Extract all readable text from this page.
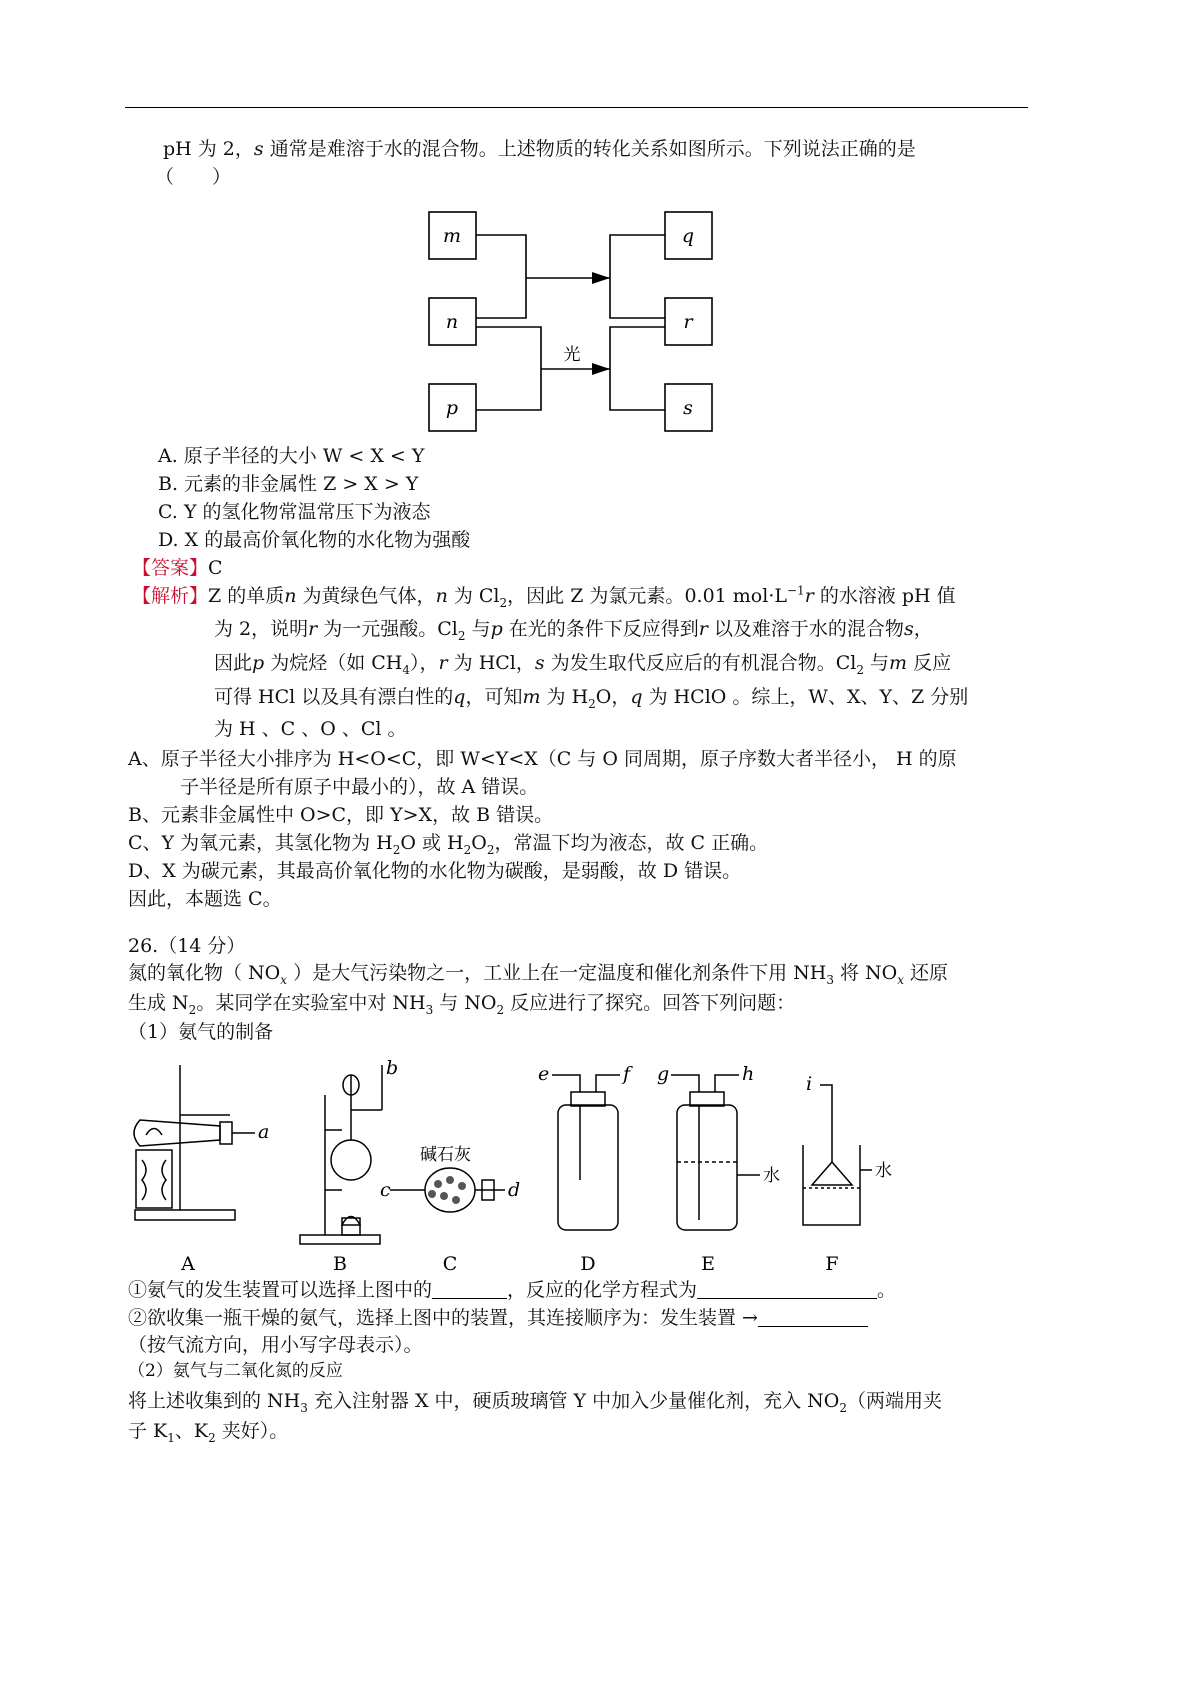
pH 为 2，s 通常是难溶于水的混合物。上述物质的转化关系如图所示。下列说法正确的是
（　　）
m
n
p
q
r
s
光
A. 原子半径的大小 W < X < Y
B. 元素的非金属性 Z > X > Y
C. Y 的氢化物常温常压下为液态
D. X 的最高价氧化物的水化物为强酸
【答案】C
【解析】Z 的单质n 为黄绿色气体，n 为 $Cl_2$，因此 Z 为氯元素。0.01 $mol\cdot L^{-1}r$ 的水溶液 pH 值
为 2，说明r 为一元强酸。$Cl_2$ 与p 在光的条件下反应得到r 以及难溶于水的混合物s，
因此p 为烷烃（如 $CH_4$），r 为 HCl，s 为发生取代反应后的有机混合物。$Cl_2$ 与m 反应
可得 HCl 以及具有漂白性的q，可知m 为 $H_2O$，q 为 HClO 。综上，W、X、Y、Z 分别
为 H 、C 、O 、Cl 。
A、原子半径大小排序为 H<O<C，即 W<Y<X（C 与 O 同周期，原子序数大者半径小， H 的原
子半径是所有原子中最小的），故 A 错误。
B、元素非金属性中 O>C，即 Y>X，故 B 错误。
C、Y 为氧元素，其氢化物为 $H_2O$ 或 $H_2O_2$，常温下均为液态，故 C 正确。
D、X 为碳元素，其最高价氧化物的水化物为碳酸，是弱酸，故 D 错误。
因此，本题选 C。
26.（14 分）
氮的氧化物（ $NO_x$ ）是大气污染物之一，工业上在一定温度和催化剂条件下用 $NH_3$ 将 $NO_x$ 还原
生成 $N_2$。某同学在实验室中对 $NH_3$ 与 $NO_2$ 反应进行了探究。回答下列问题：
（1）氨气的制备
a
b
c	d
e	f g	h	i
碱石灰
水	水
A	B	C	D	E	F
①氨气的发生装置可以选择上图中的	，反应的化学方程式为	。
②欲收集一瓶干燥的氨气，选择上图中的装置，其连接顺序为：发生装置 →
（按气流方向，用小写字母表示）。
（2）氨气与二氧化氮的反应
将上述收集到的 $NH_3$ 充入注射器 X 中，硬质玻璃管 Y 中加入少量催化剂，充入 $NO_2$（两端用夹
子 $K_1$、$K_2$ 夹好）。
